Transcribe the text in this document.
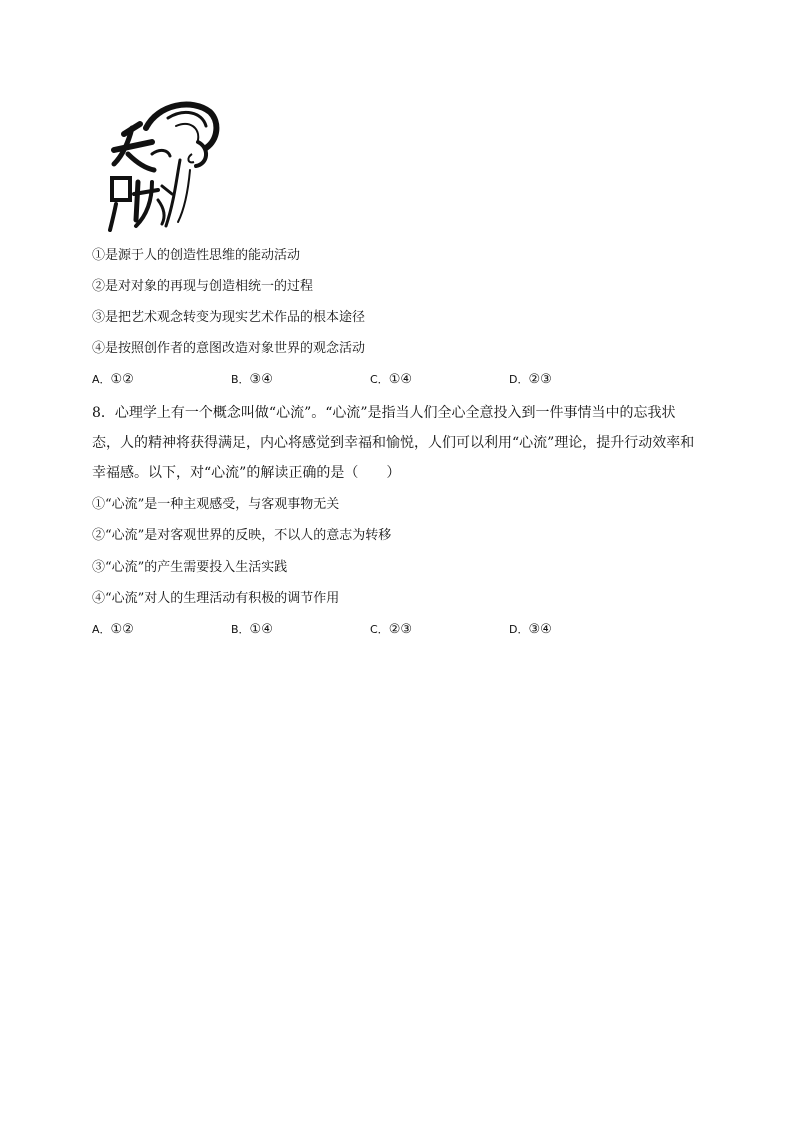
①是源于人的创造性思维的能动活动
②是对对象的再现与创造相统一的过程
③是把艺术观念转变为现实艺术作品的根本途径
④是按照创作者的意图改造对象世界的观念活动
A．①②	B．③④	C．①④	D．②③
8．心理学上有一个概念叫做“心流”。“心流”是指当人们全心全意投入到一件事情当中的忘我状态，人的精神将获得满足，内心将感觉到幸福和愉悦，人们可以利用“心流”理论，提升行动效率和幸福感。以下，对“心流”的解读正确的是（　　）
①“心流”是一种主观感受，与客观事物无关
②“心流”是对客观世界的反映，不以人的意志为转移
③“心流”的产生需要投入生活实践
④“心流”对人的生理活动有积极的调节作用
A．①②	B．①④	C．②③	D．③④
